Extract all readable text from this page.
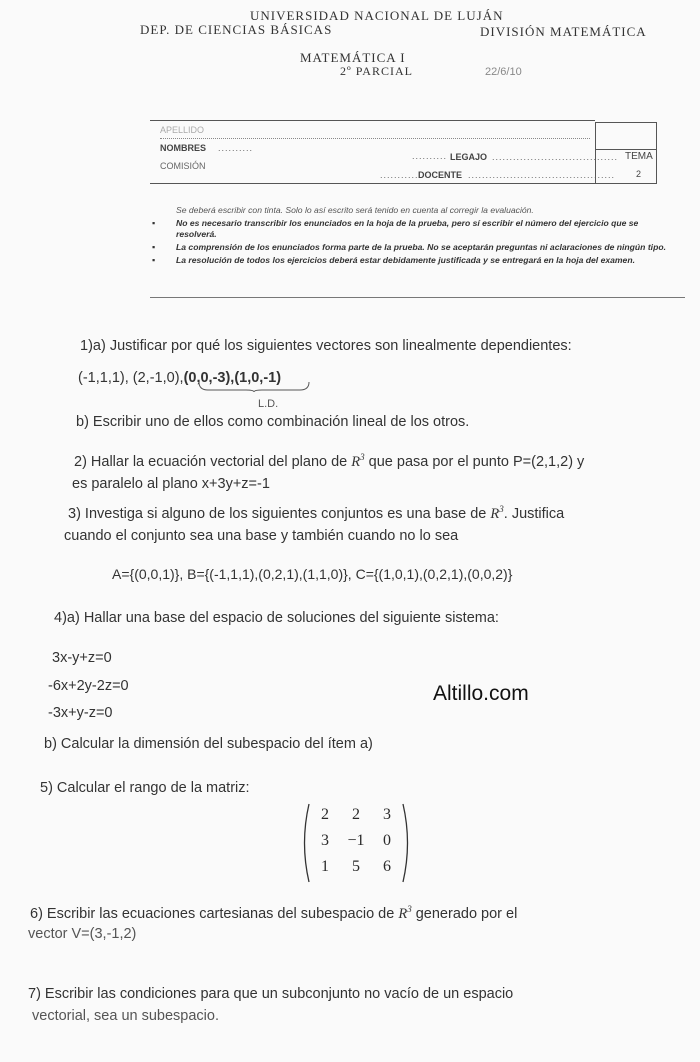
UNIVERSIDAD NACIONAL DE LUJÁN
DEP. DE CIENCIAS BÁSICAS	DIVISIÓN MATEMÁTICA
MATEMÁTICA I
2º PARCIAL	22/6/10
APELLIDO
NOMBRES ..........
COMISIÓN
.......... LEGAJO ....................................
............
DOCENTE ..........................................
TEMA
2
Se deberá escribir con tinta. Solo lo así escrito será tenido en cuenta al corregir la evaluación.
▪ No es necesario transcribir los enunciados en la hoja de la prueba, pero sí escribir el número del ejercicio que se resolverá.
▪ La comprensión de los enunciados forma parte de la prueba. No se aceptarán preguntas ni aclaraciones de ningún tipo.
▪ La resolución de todos los ejercicios deberá estar debidamente justificada y se entregará en la hoja del examen.
1)a) Justificar por qué los siguientes vectores son linealmente dependientes:
(-1,1,1), (2,-1,0),(0,0,-3),(1,0,-1)
L.D.
b) Escribir uno de ellos como combinación lineal de los otros.
2) Hallar la ecuación vectorial del plano de $R^3$ que pasa por el punto P=(2,1,2) y
es paralelo al plano x+3y+z=-1
3) Investiga si alguno de los siguientes conjuntos es una base de $R^3$. Justifica
cuando el conjunto sea una base y también cuando no lo sea
A={(0,0,1)}, B={(-1,1,1),(0,2,1),(1,1,0)}, C={(1,0,1),(0,2,1),(0,0,2)}
4)a) Hallar una base del espacio de soluciones del siguiente sistema:
3x-y+z=0
-6x+2y-2z=0
-3x+y-z=0
b) Calcular la dimensión del subespacio del ítem a)
Altillo.com
5) Calcular el rango de la matriz:
2	2	3
3	−1	0
1	5	6
6) Escribir las ecuaciones cartesianas del subespacio de $R^3$ generado por el
vector V=(3,-1,2)
7) Escribir las condiciones para que un subconjunto no vacío de un espacio
vectorial, sea un subespacio.
